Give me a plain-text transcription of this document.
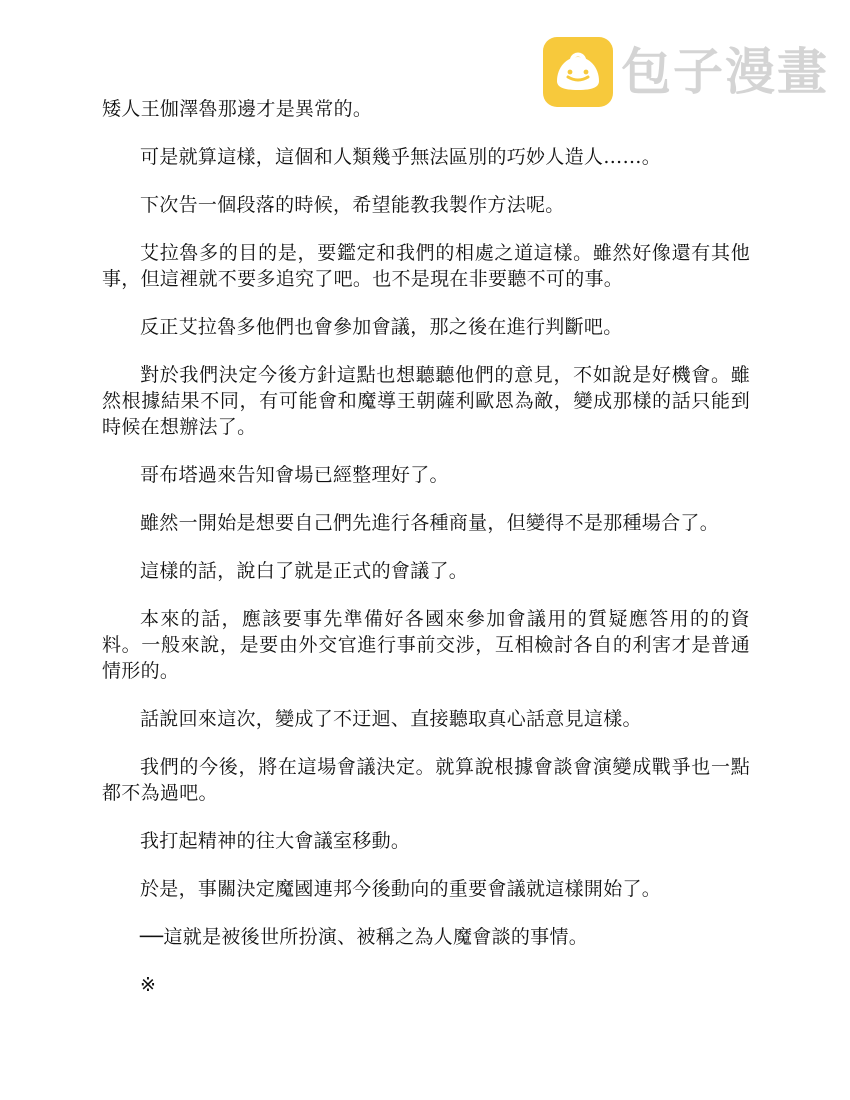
包子漫畫

矮人王伽澤魯那邊才是異常的。

可是就算這樣，這個和人類幾乎無法區別的巧妙人造人……。

下次告一個段落的時候，希望能教我製作方法呢。

艾拉魯多的目的是，要鑑定和我們的相處之道這樣。雖然好像還有其他事，但這裡就不要多追究了吧。也不是現在非要聽不可的事。

反正艾拉魯多他們也會參加會議，那之後在進行判斷吧。

對於我們決定今後方針這點也想聽聽他們的意見，不如說是好機會。雖然根據結果不同，有可能會和魔導王朝薩利歐恩為敵，變成那樣的話只能到時候在想辦法了。

哥布塔過來告知會場已經整理好了。

雖然一開始是想要自己們先進行各種商量，但變得不是那種場合了。

這樣的話，說白了就是正式的會議了。

本來的話，應該要事先準備好各國來參加會議用的質疑應答用的的資料。一般來說，是要由外交官進行事前交涉，互相檢討各自的利害才是普通情形的。

話說回來這次，變成了不迂迴、直接聽取真心話意見這樣。

我們的今後，將在這場會議決定。就算說根據會談會演變成戰爭也一點都不為過吧。

我打起精神的往大會議室移動。

於是，事關決定魔國連邦今後動向的重要會議就這樣開始了。

──這就是被後世所扮演、被稱之為人魔會談的事情。

※
